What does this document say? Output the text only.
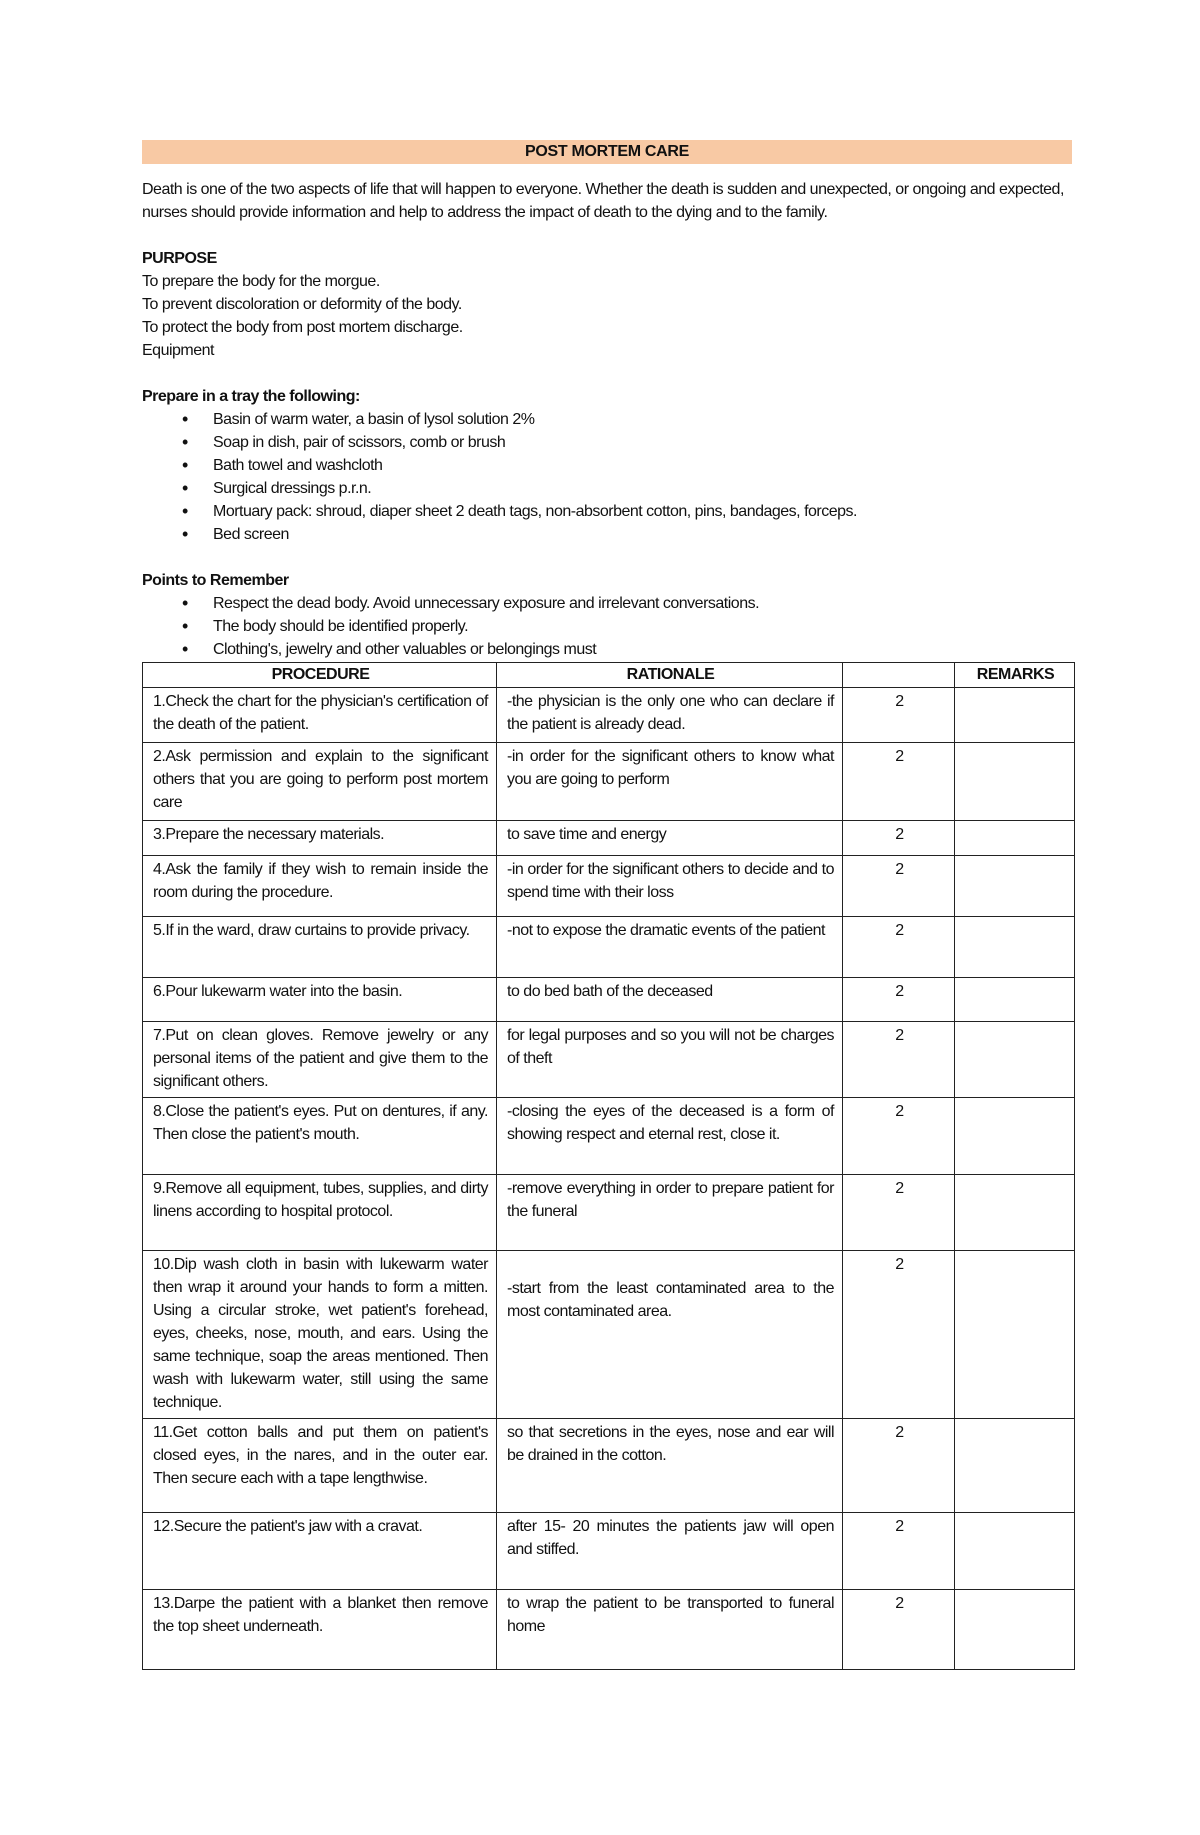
POST MORTEM CARE
Death is one of the two aspects of life that will happen to everyone. Whether the death is sudden and unexpected, or ongoing and expected, nurses should provide information and help to address the impact of death to the dying and to the family.
PURPOSE
To prepare the body for the morgue.
To prevent discoloration or deformity of the body.
To protect the body from post mortem discharge.
Equipment
Prepare in a tray the following:
• Basin of warm water, a basin of lysol solution 2%
• Soap in dish, pair of scissors, comb or brush
• Bath towel and washcloth
• Surgical dressings p.r.n.
• Mortuary pack: shroud, diaper sheet 2 death tags, non-absorbent cotton, pins, bandages, forceps.
• Bed screen
Points to Remember
• Respect the dead body. Avoid unnecessary exposure and irrelevant conversations.
• The body should be identified properly.
• Clothing's, jewelry and other valuables or belongings must
PROCEDURE	RATIONALE		REMARKS
1.Check the chart for the physician's certification of the death of the patient.	-the physician is the only one who can declare if the patient is already dead.	2	
2.Ask permission and explain to the significant others that you are going to perform post mortem care	-in order for the significant others to know what you are going to perform	2	
3.Prepare the necessary materials.	to save time and energy	2	
4.Ask the family if they wish to remain inside the room during the procedure.	-in order for the significant others to decide and to spend time with their loss	2	
5.If in the ward, draw curtains to provide privacy.	-not to expose the dramatic events of the patient	2	
6.Pour lukewarm water into the basin.	to do bed bath of the deceased	2	
7.Put on clean gloves. Remove jewelry or any personal items of the patient and give them to the significant others.	for legal purposes and so you will not be charges of theft	2	
8.Close the patient's eyes. Put on dentures, if any. Then close the patient's mouth.	-closing the eyes of the deceased is a form of showing respect and eternal rest, close it.	2	
9.Remove all equipment, tubes, supplies, and dirty linens according to hospital protocol.	-remove everything in order to prepare patient for the funeral	2	
10.Dip wash cloth in basin with lukewarm water then wrap it around your hands to form a mitten. Using a circular stroke, wet patient's forehead, eyes, cheeks, nose, mouth, and ears. Using the same technique, soap the areas mentioned. Then wash with lukewarm water, still using the same technique.	-start from the least contaminated area to the most contaminated area.	2	
11.Get cotton balls and put them on patient's closed eyes, in the nares, and in the outer ear. Then secure each with a tape lengthwise.	so that secretions in the eyes, nose and ear will be drained in the cotton.	2	
12.Secure the patient's jaw with a cravat.	after 15- 20 minutes the patients jaw will open and stiffed.	2	
13.Darpe the patient with a blanket then remove the top sheet underneath.	to wrap the patient to be transported to funeral home	2	
